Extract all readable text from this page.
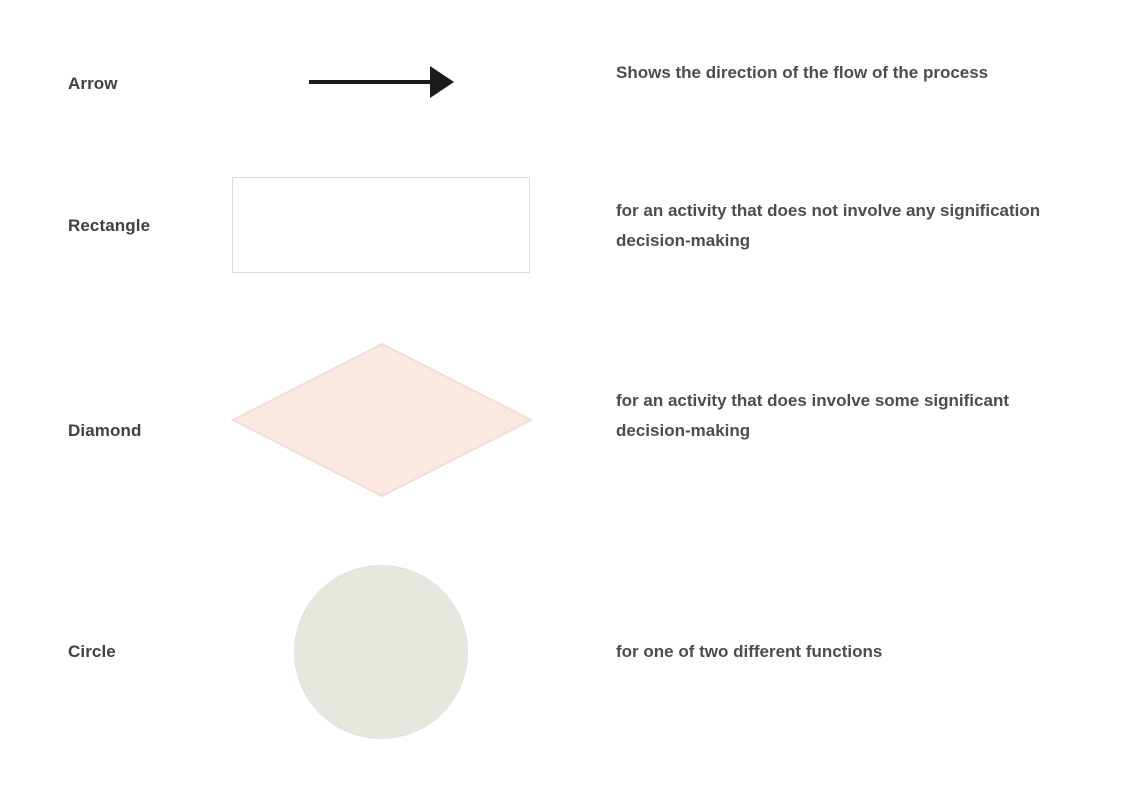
Arrow
Shows the direction of the flow of the process
Rectangle
for an activity that does not involve any signification decision-making
Diamond
for an activity that does involve some significant decision-making
Circle	for one of two different functions
